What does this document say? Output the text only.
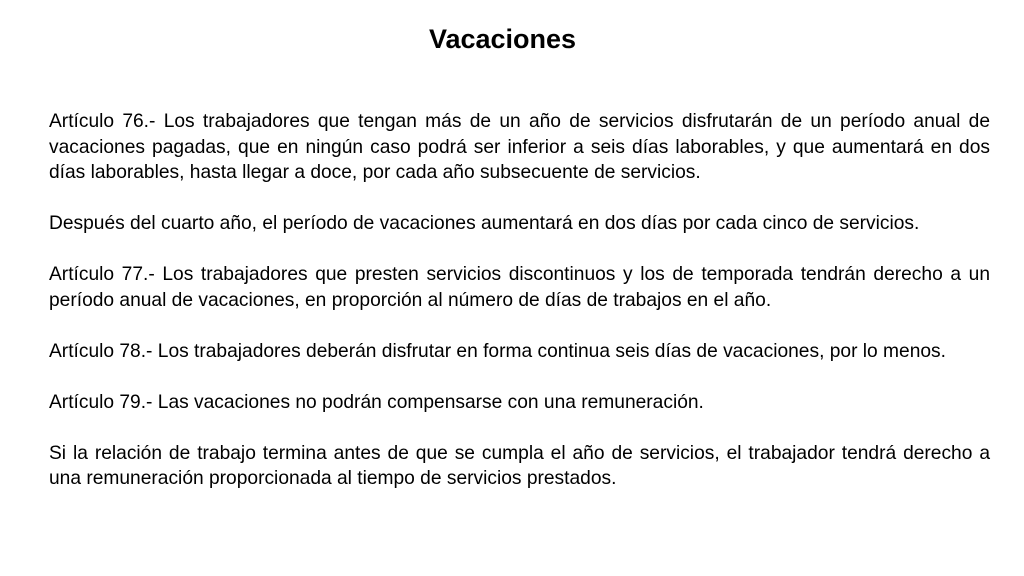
Vacaciones

Artículo 76.- Los trabajadores que tengan más de un año de servicios disfrutarán de un período anual de vacaciones pagadas, que en ningún caso podrá ser inferior a seis días laborables, y que aumentará en dos días laborables, hasta llegar a doce, por cada año subsecuente de servicios.

Después del cuarto año, el período de vacaciones aumentará en dos días por cada cinco de servicios.

Artículo 77.- Los trabajadores que presten servicios discontinuos y los de temporada tendrán derecho a un período anual de vacaciones, en proporción al número de días de trabajos en el año.

Artículo 78.- Los trabajadores deberán disfrutar en forma continua seis días de vacaciones, por lo menos.

Artículo 79.- Las vacaciones no podrán compensarse con una remuneración.

Si la relación de trabajo termina antes de que se cumpla el año de servicios, el trabajador tendrá derecho a una remuneración proporcionada al tiempo de servicios prestados.
